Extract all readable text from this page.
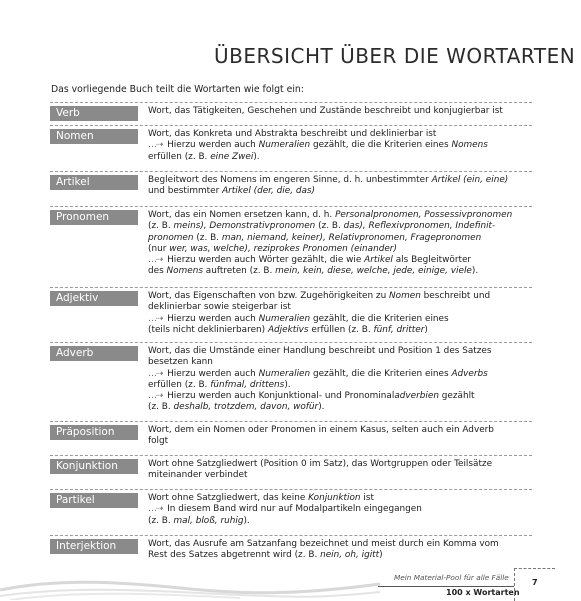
ÜBERSICHT ÜBER DIE WORTARTEN
Das vorliegende Buch teilt die Wortarten wie folgt ein:
Verb	Wort, das Tätigkeiten, Geschehen und Zustände beschreibt und konjugierbar ist
Nomen	Wort, das Konkreta und Abstrakta beschreibt und deklinierbar ist
…⇢ Hierzu werden auch Numeralien gezählt, die die Kriterien eines Nomens
erfüllen (z. B. eine Zwei).
Artikel	Begleitwort des Nomens im engeren Sinne, d. h. unbestimmter Artikel (ein, eine)
und bestimmter Artikel (der, die, das)
Pronomen	Wort, das ein Nomen ersetzen kann, d. h. Personalpronomen, Possessivpronomen
(z. B. meins), Demonstrativpronomen (z. B. das), Reflexivpronomen, Indefinit-
pronomen (z. B. man, niemand, keiner), Relativpronomen, Fragepronomen
(nur wer, was, welche), reziprokes Pronomen (einander)
…⇢ Hierzu werden auch Wörter gezählt, die wie Artikel als Begleitwörter
des Nomens auftreten (z. B. mein, kein, diese, welche, jede, einige, viele).
Adjektiv	Wort, das Eigenschaften von bzw. Zugehörigkeiten zu Nomen beschreibt und
deklinierbar sowie steigerbar ist
…⇢ Hierzu werden auch Numeralien gezählt, die die Kriterien eines
(teils nicht deklinierbaren) Adjektivs erfüllen (z. B. fünf, dritter)
Adverb	Wort, das die Umstände einer Handlung beschreibt und Position 1 des Satzes
besetzen kann
…⇢ Hierzu werden auch Numeralien gezählt, die die Kriterien eines Adverbs
erfüllen (z. B. fünfmal, drittens).
…⇢ Hierzu werden auch Konjunktional- und Pronominaladverbien gezählt
(z. B. deshalb, trotzdem, davon, wofür).
Präposition	Wort, dem ein Nomen oder Pronomen in einem Kasus, selten auch ein Adverb
folgt
Konjunktion	Wort ohne Satzgliedwert (Position 0 im Satz), das Wortgruppen oder Teilsätze
miteinander verbindet
Partikel	Wort ohne Satzgliedwert, das keine Konjunktion ist
…⇢ In diesem Band wird nur auf Modalpartikeln eingegangen
(z. B. mal, bloß, ruhig).
Interjektion	Wort, das Ausrufe am Satzanfang bezeichnet und meist durch ein Komma vom
Rest des Satzes abgetrennt wird (z. B. nein, oh, igitt)
Mein Material-Pool für alle Fälle
100 x Wortarten
7
